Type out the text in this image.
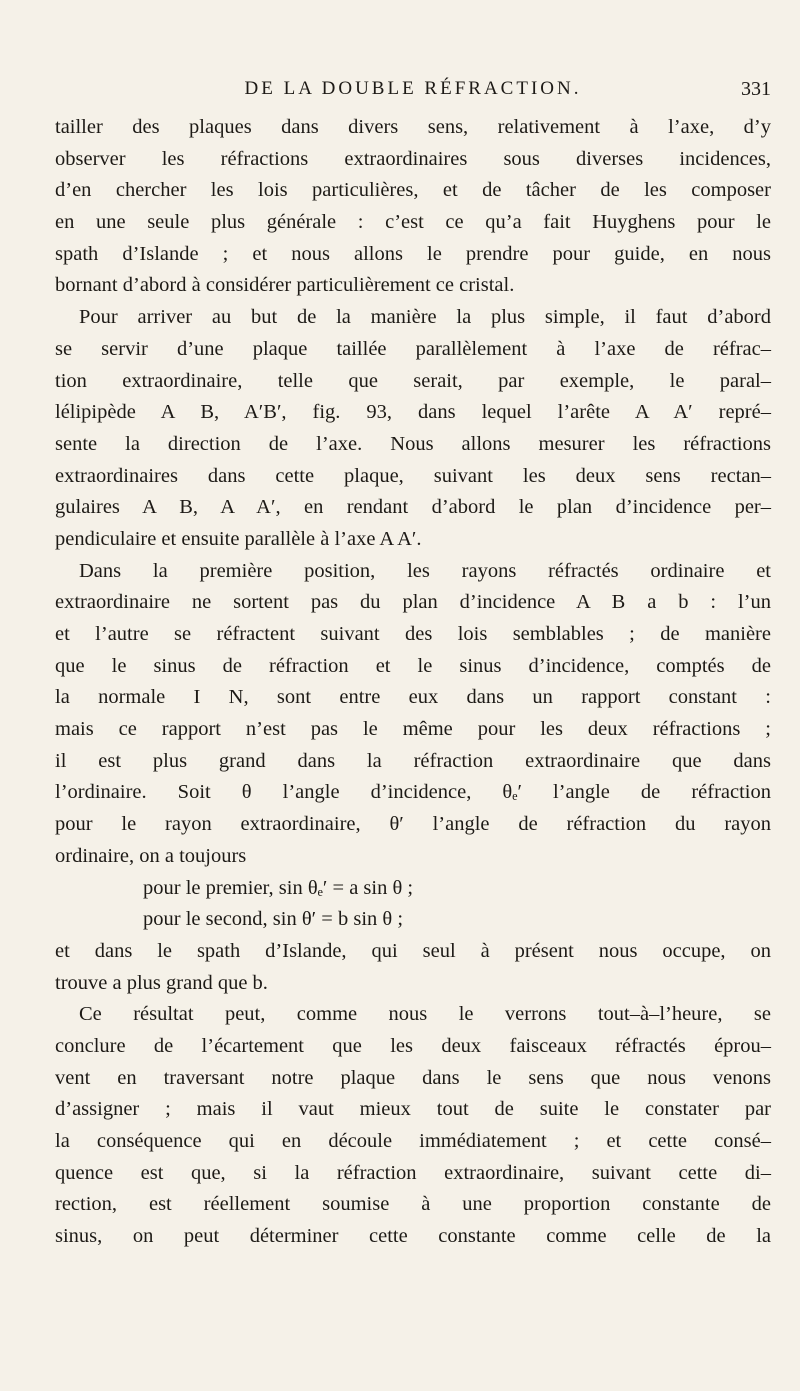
DE LA DOUBLE RÉFRACTION.	331
tailler des plaques dans divers sens, relativement à l’axe, d’y
observer les réfractions extraordinaires sous diverses incidences,
d’en chercher les lois particulières, et de tâcher de les composer
en une seule plus générale : c’est ce qu’a fait Huyghens pour le
spath d’Islande ; et nous allons le prendre pour guide, en nous
bornant d’abord à considérer particulièrement ce cristal.
Pour arriver au but de la manière la plus simple, il faut d’abord
se servir d’une plaque taillée parallèlement à l’axe de réfrac–
tion extraordinaire, telle que serait, par exemple, le paral–
lélipipède A B, A′B′, fig. 93, dans lequel l’arête A A′ repré–
sente la direction de l’axe. Nous allons mesurer les réfractions
extraordinaires dans cette plaque, suivant les deux sens rectan–
gulaires A B, A A′, en rendant d’abord le plan d’incidence per–
pendiculaire et ensuite parallèle à l’axe A A′.
Dans la première position, les rayons réfractés ordinaire et
extraordinaire ne sortent pas du plan d’incidence A B a b : l’un
et l’autre se réfractent suivant des lois semblables ; de manière
que le sinus de réfraction et le sinus d’incidence, comptés de
la normale I N, sont entre eux dans un rapport constant :
mais ce rapport n’est pas le même pour les deux réfractions ;
il est plus grand dans la réfraction extraordinaire que dans
l’ordinaire. Soit θ l’angle d’incidence, θₑ′ l’angle de réfraction
pour le rayon extraordinaire, θ′ l’angle de réfraction du rayon
ordinaire, on a toujours
pour le premier, sin θₑ′ = a sin θ ;
pour le second, sin θ′ = b sin θ ;
et dans le spath d’Islande, qui seul à présent nous occupe, on
trouve a plus grand que b.
Ce résultat peut, comme nous le verrons tout–à–l’heure, se
conclure de l’écartement que les deux faisceaux réfractés éprou–
vent en traversant notre plaque dans le sens que nous venons
d’assigner ; mais il vaut mieux tout de suite le constater par
la conséquence qui en découle immédiatement ; et cette consé–
quence est que, si la réfraction extraordinaire, suivant cette di–
rection, est réellement soumise à une proportion constante de
sinus, on peut déterminer cette constante comme celle de la
